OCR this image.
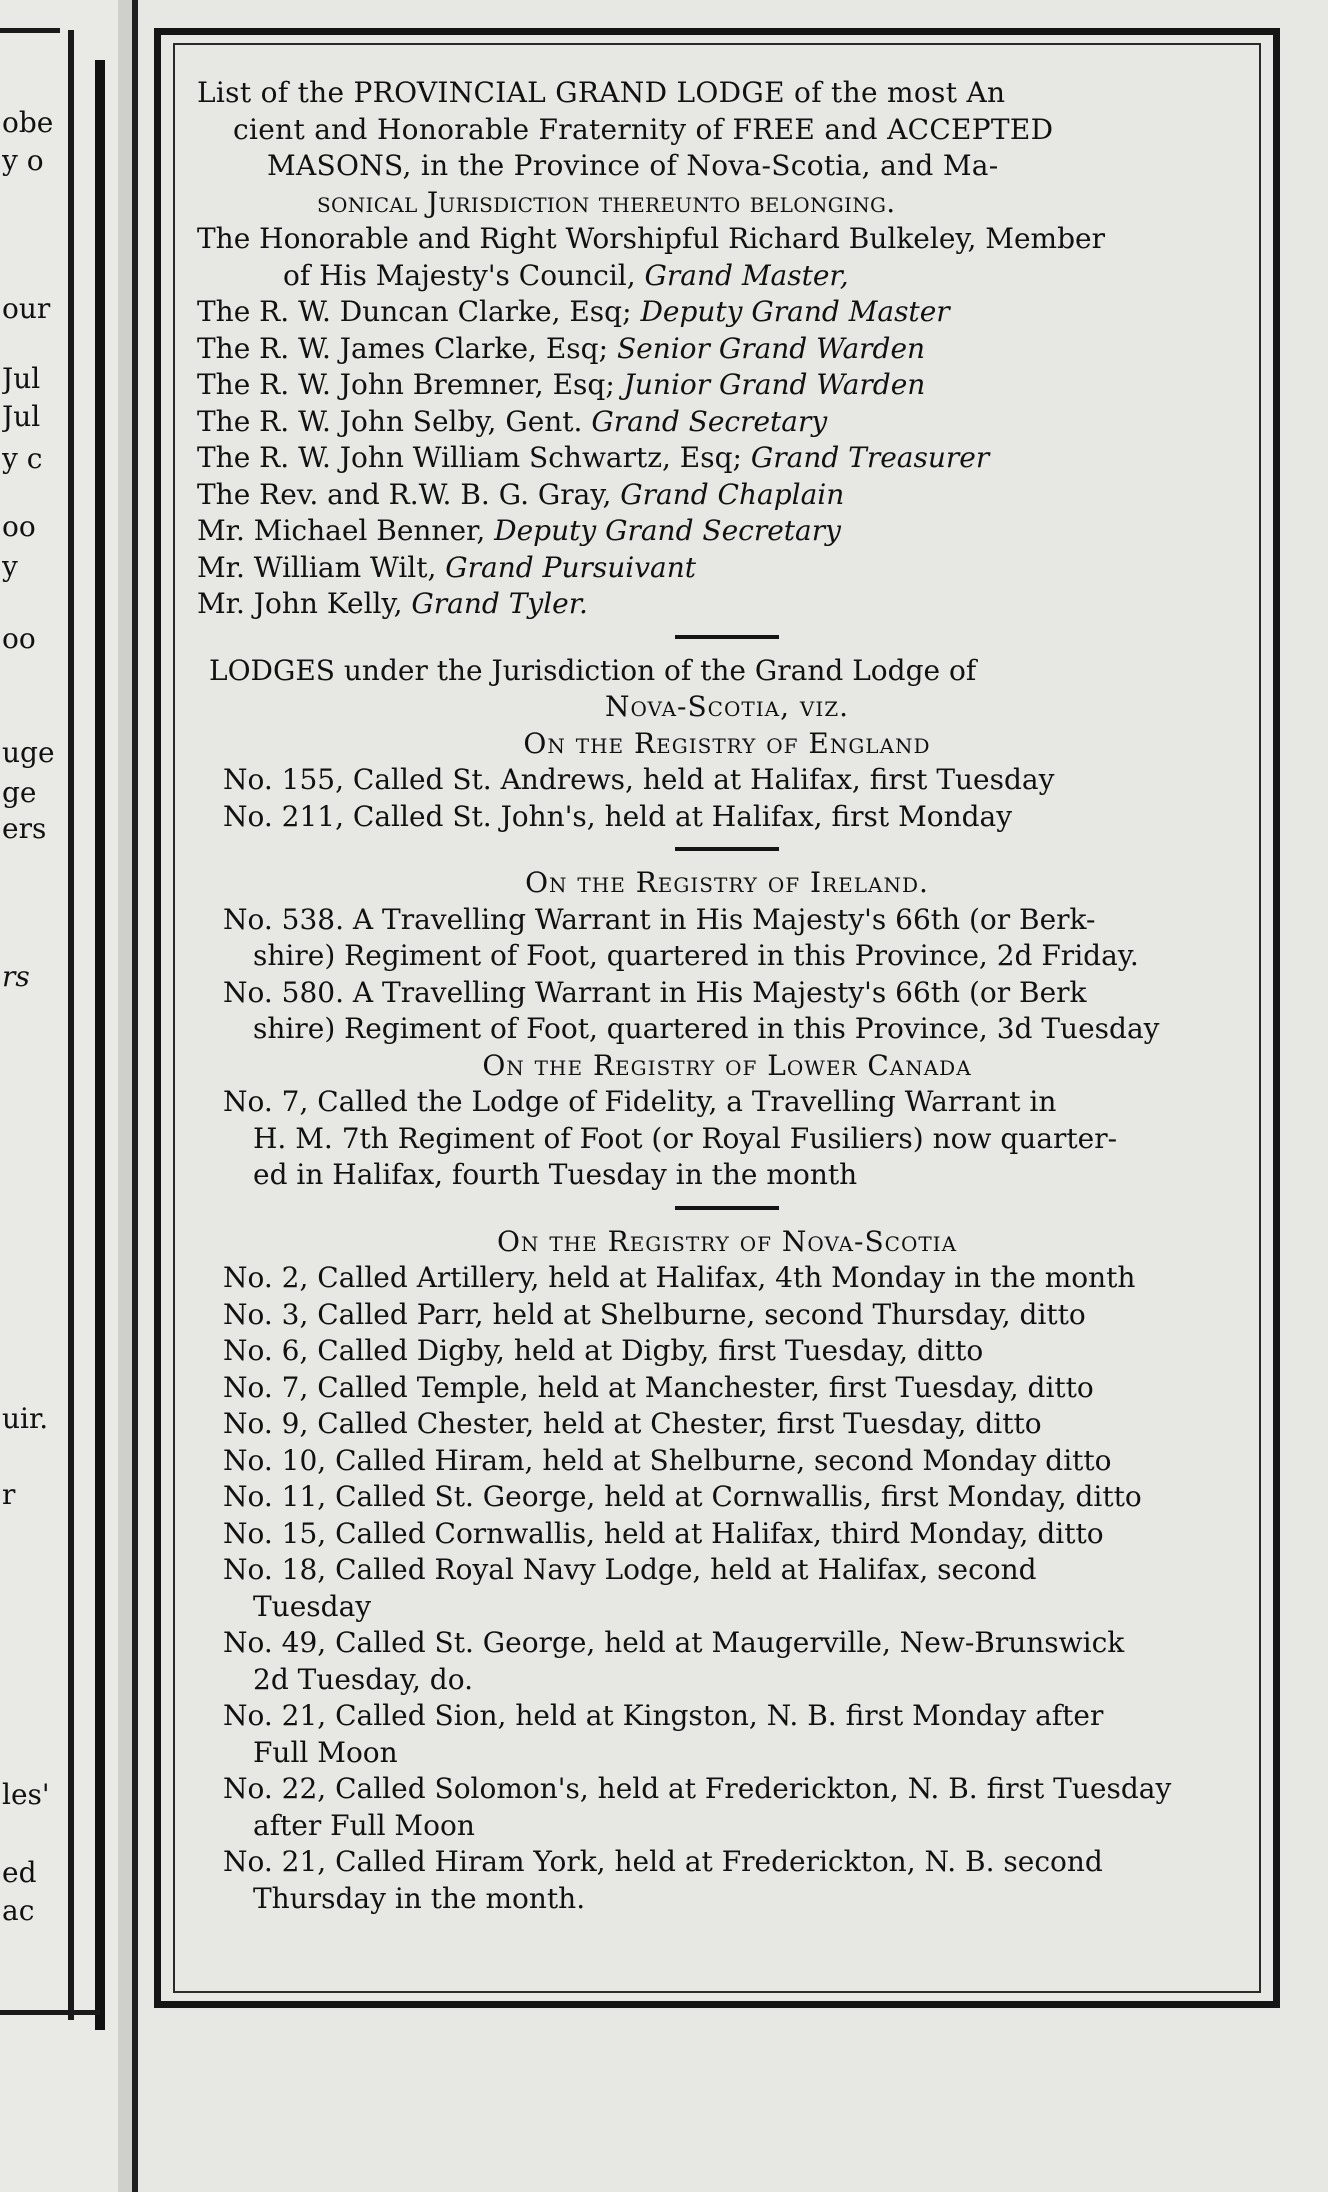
obe
y o
our
Jul
Jul
y c
oo
y
oo
uge
ge
ers
rs
uir.
r
les'
ed
ac
List of the PROVINCIAL GRAND LODGE of the most An
cient and Honorable Fraternity of FREE and ACCEPTED
MASONS, in the Province of Nova-Scotia, and Ma-
sonical Jurisdiction thereunto belonging.
The Honorable and Right Worshipful Richard Bulkeley, Member
of His Majesty's Council, Grand Master,
The R. W. Duncan Clarke, Esq; Deputy Grand Master
The R. W. James Clarke, Esq; Senior Grand Warden
The R. W. John Bremner, Esq; Junior Grand Warden
The R. W. John Selby, Gent. Grand Secretary
The R. W. John William Schwartz, Esq; Grand Treasurer
The Rev. and R.W. B. G. Gray, Grand Chaplain
Mr. Michael Benner, Deputy Grand Secretary
Mr. William Wilt, Grand Pursuivant
Mr. John Kelly, Grand Tyler.
LODGES under the Jurisdiction of the Grand Lodge of
Nova-Scotia, viz.
On the Registry of England
No. 155, Called St. Andrews, held at Halifax, first Tuesday
No. 211, Called St. John's, held at Halifax, first Monday
On the Registry of Ireland.
No. 538. A Travelling Warrant in His Majesty's 66th (or Berk-
shire) Regiment of Foot, quartered in this Province, 2d Friday.
No. 580. A Travelling Warrant in His Majesty's 66th (or Berk
shire) Regiment of Foot, quartered in this Province, 3d Tuesday
On the Registry of Lower Canada
No. 7, Called the Lodge of Fidelity, a Travelling Warrant in
H. M. 7th Regiment of Foot (or Royal Fusiliers) now quarter-
ed in Halifax, fourth Tuesday in the month
On the Registry of Nova-Scotia
No. 2, Called Artillery, held at Halifax, 4th Monday in the month
No. 3, Called Parr, held at Shelburne, second Thursday, ditto
No. 6, Called Digby, held at Digby, first Tuesday, ditto
No. 7, Called Temple, held at Manchester, first Tuesday, ditto
No. 9, Called Chester, held at Chester, first Tuesday, ditto
No. 10, Called Hiram, held at Shelburne, second Monday ditto
No. 11, Called St. George, held at Cornwallis, first Monday, ditto
No. 15, Called Cornwallis, held at Halifax, third Monday, ditto
No. 18, Called Royal Navy Lodge, held at Halifax, second
Tuesday
No. 49, Called St. George, held at Maugerville, New-Brunswick
2d Tuesday, do.
No. 21, Called Sion, held at Kingston, N. B. first Monday after
Full Moon
No. 22, Called Solomon's, held at Frederickton, N. B. first Tuesday
after Full Moon
No. 21, Called Hiram York, held at Frederickton, N. B. second
Thursday in the month.
